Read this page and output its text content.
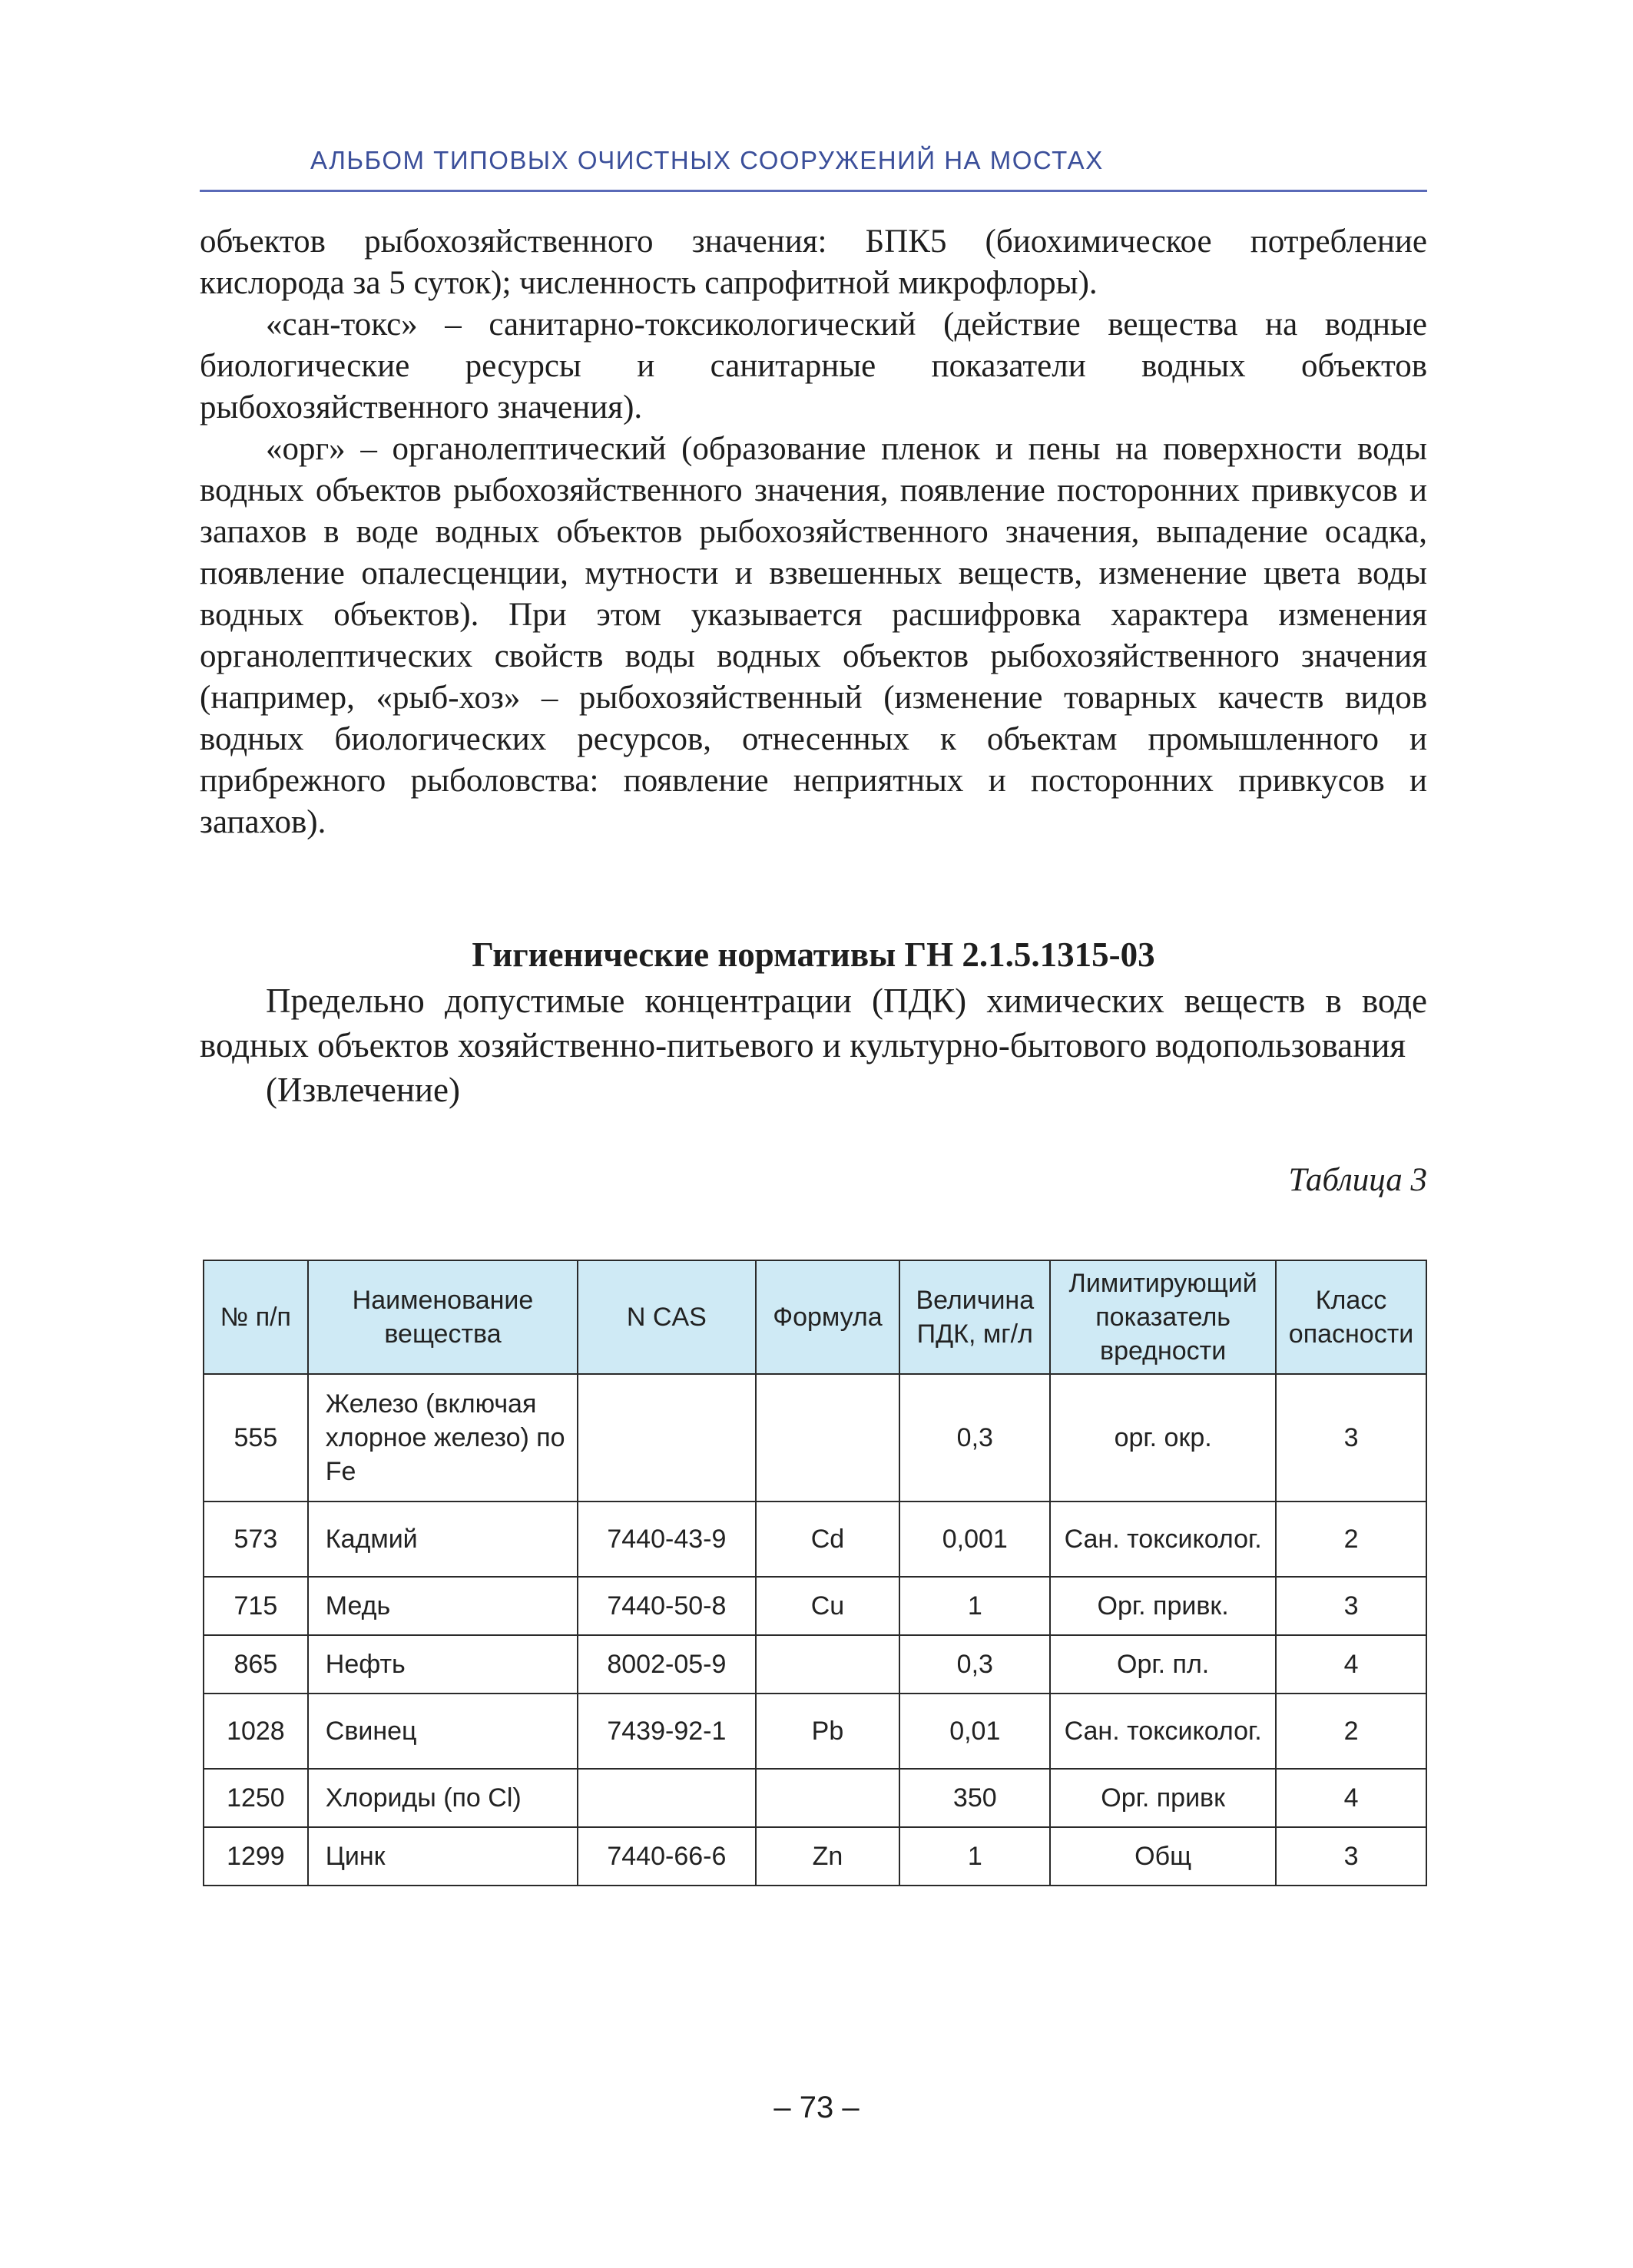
АЛЬБОМ ТИПОВЫХ ОЧИСТНЫХ СООРУЖЕНИЙ НА МОСТАХ

объектов рыбохозяйственного значения: БПК5 (биохимическое потребление кислорода за 5 суток); численность сапрофитной микрофлоры).

«сан-токс» – санитарно-токсикологический (действие вещества на водные биологические ресурсы и санитарные показатели водных объектов рыбохозяйственного значения).

«орг» – органолептический (образование пленок и пены на поверхности воды водных объектов рыбохозяйственного значения, появление посторонних привкусов и запахов в воде водных объектов рыбохозяйственного значения, выпадение осадка, появление опалесценции, мутности и взвешенных веществ, изменение цвета воды водных объектов). При этом указывается расшифровка характера изменения органолептических свойств воды водных объектов рыбохозяйственного значения (например, «рыб-хоз» – рыбохозяйственный (изменение товарных качеств видов водных биологических ресурсов, отнесенных к объектам промышленного и прибрежного рыболовства: появление неприятных и посторонних привкусов и запахов).

Гигиенические нормативы ГН 2.1.5.1315-03

Предельно допустимые концентрации (ПДК) химических веществ в воде водных объектов хозяйственно-питьевого и культурно-бытового водопользования

(Извлечение)

Таблица 3
№ п/п	Наименование вещества	N CAS	Формула	Величина ПДК, мг/л	Лимитирующий показатель вредности	Класс опасности
555	Железо (включая хлорное железо) по Fe			0,3	орг. окр.	3
573	Кадмий	7440-43-9	Cd	0,001	Сан. токсиколог.	2
715	Медь	7440-50-8	Cu	1	Орг. привк.	3
865	Нефть	8002-05-9		0,3	Орг. пл.	4
1028	Свинец	7439-92-1	Pb	0,01	Сан. токсиколог.	2
1250	Хлориды (по Cl)			350	Орг. привк	4
1299	Цинк	7440-66-6	Zn	1	Общ	3
– 73 –
